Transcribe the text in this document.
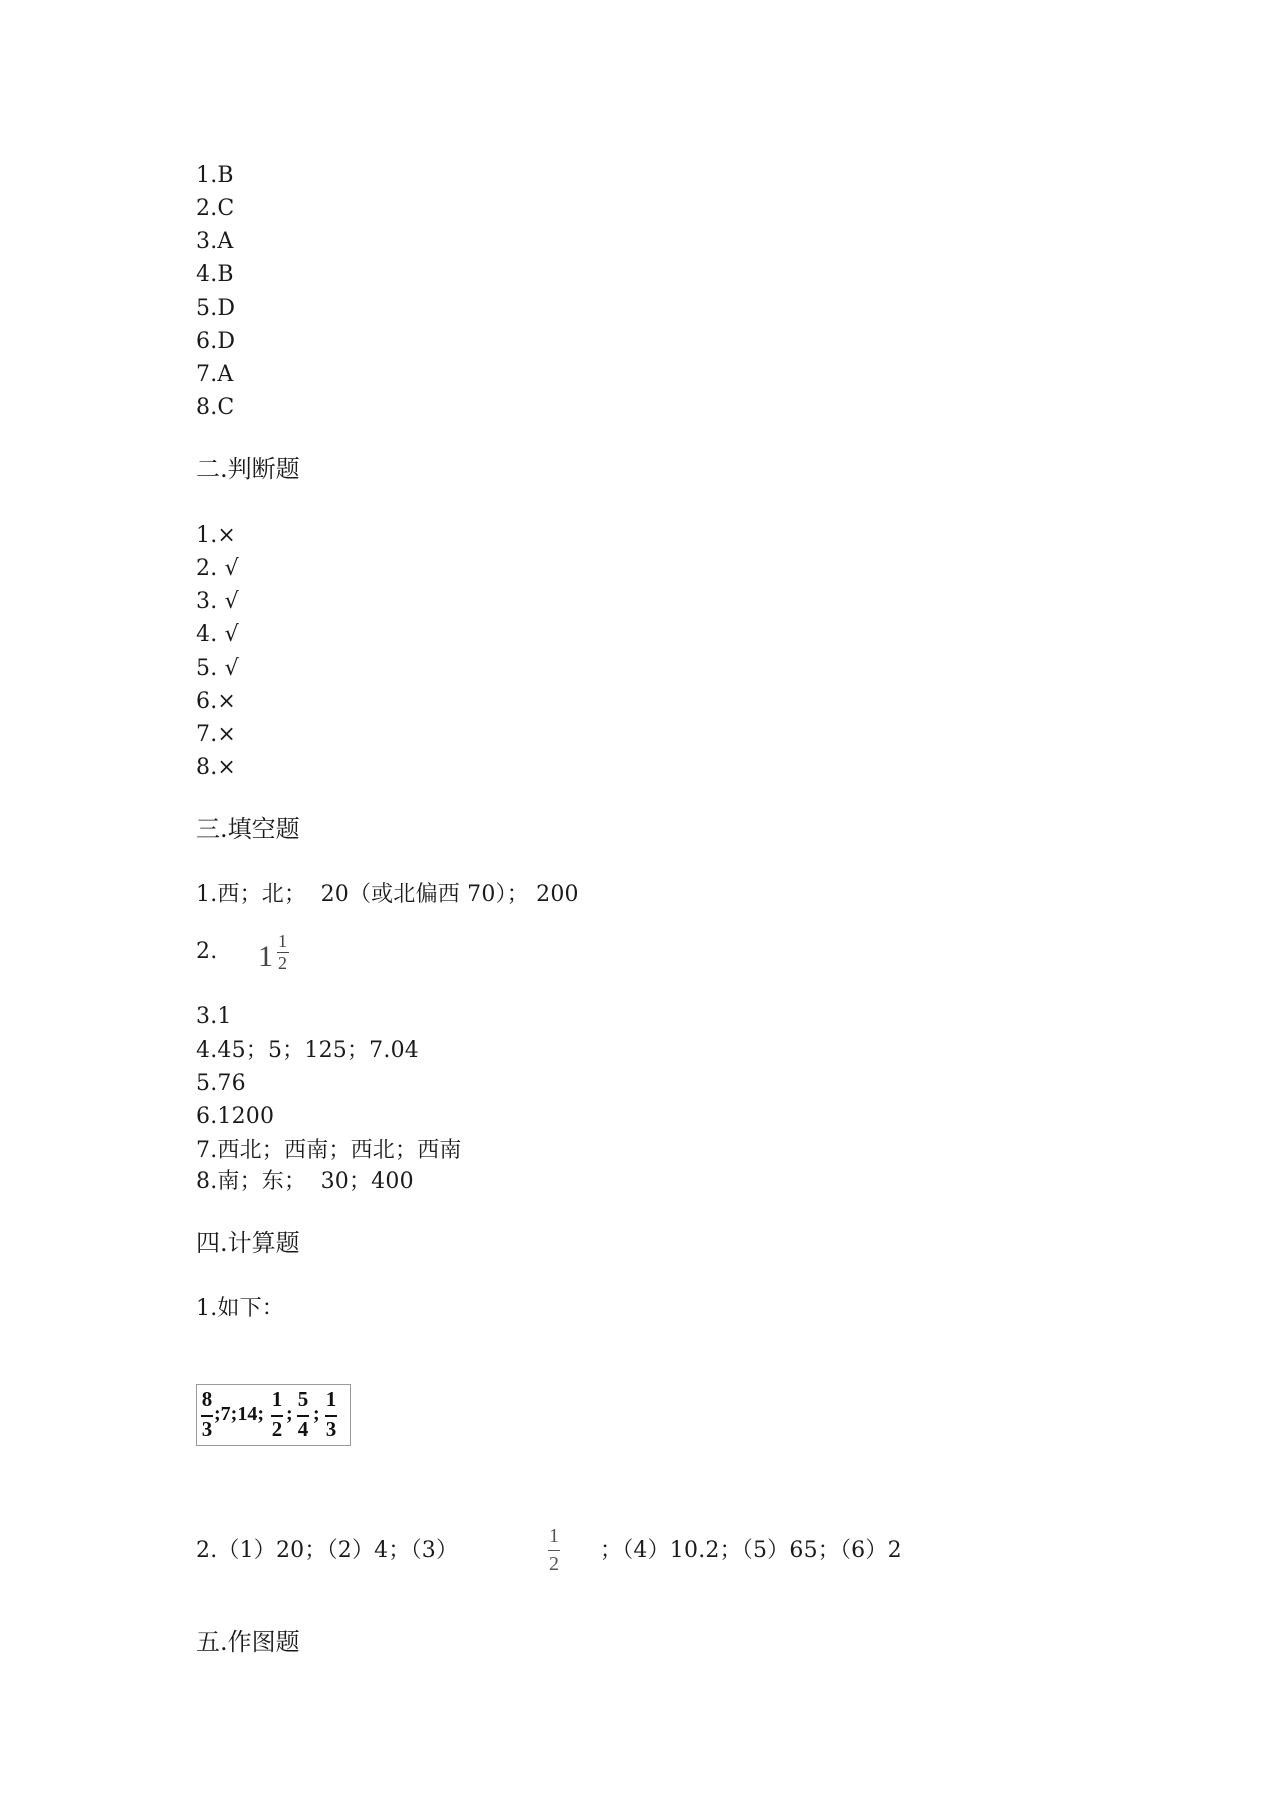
1.B
2.C
3.A
4.B
5.D
6.D
7.A
8.C
二.判断题
1.×
2. √
3. √
4. √
5. √
6.×
7.×
8.×
三.填空题
1.西；北；  20（或北偏西 70）； 200
2. 1 1
2
3.1
4.45；5；125；7.04
5.76
6.1200
7.西北；西南；西北；西南
8.南；东；  30；400
四.计算题
1.如下：
8
3
;7;14;
1
2
;
5
4
;
1
3
2.（1）20；（2）4；（3）
1
2
；（4）10.2；（5）65；（6）2
五.作图题
